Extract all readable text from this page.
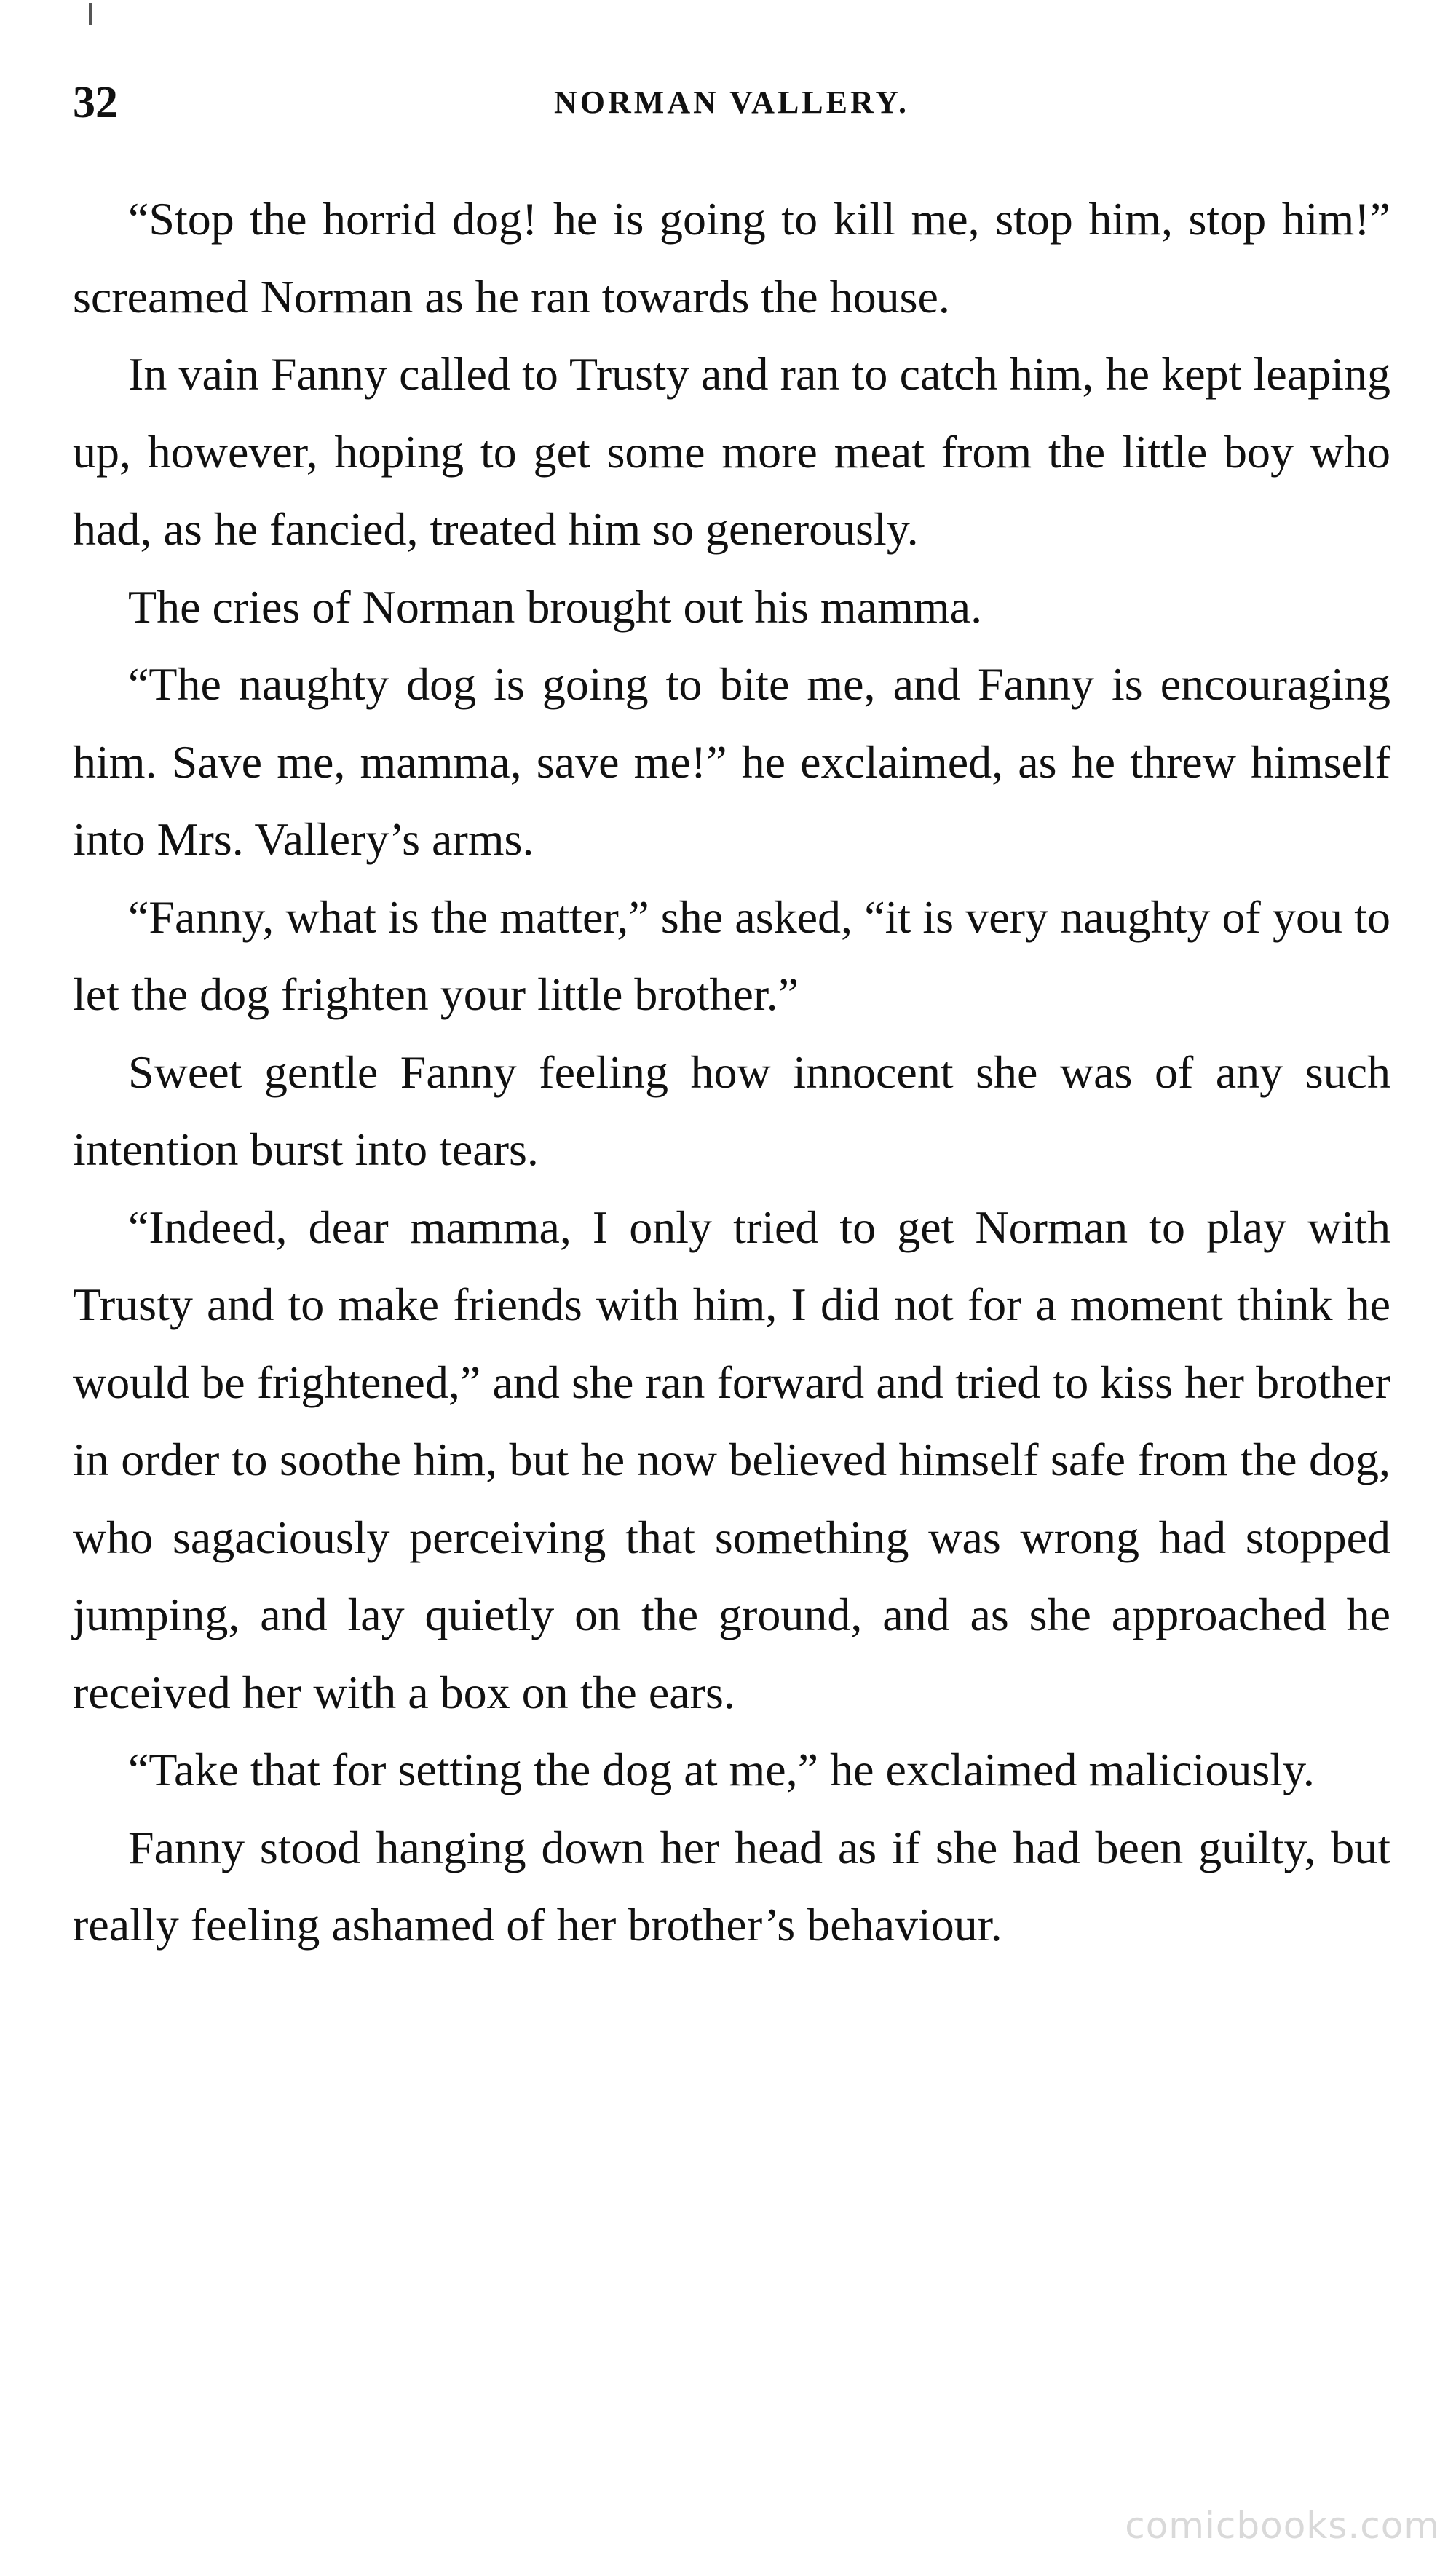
32	NORMAN VALLERY.

“Stop the horrid dog! he is going to kill me, stop him, stop him!” screamed Norman as he ran towards the house.

In vain Fanny called to Trusty and ran to catch him, he kept leaping up, however, hoping to get some more meat from the little boy who had, as he fancied, treated him so generously.

The cries of Norman brought out his mamma.

“The naughty dog is going to bite me, and Fanny is encouraging him. Save me, mamma, save me!” he exclaimed, as he threw himself into Mrs. Vallery’s arms.

“Fanny, what is the matter,” she asked, “it is very naughty of you to let the dog frighten your little brother.”

Sweet gentle Fanny feeling how innocent she was of any such intention burst into tears.

“Indeed, dear mamma, I only tried to get Norman to play with Trusty and to make friends with him, I did not for a moment think he would be frightened,” and she ran forward and tried to kiss her brother in order to soothe him, but he now believed himself safe from the dog, who sagaciously perceiving that something was wrong had stopped jumping, and lay quietly on the ground, and as she approached he received her with a box on the ears.

“Take that for setting the dog at me,” he exclaimed maliciously.

Fanny stood hanging down her head as if she had been guilty, but really feeling ashamed of her brother’s behaviour.

comicbooks.com
